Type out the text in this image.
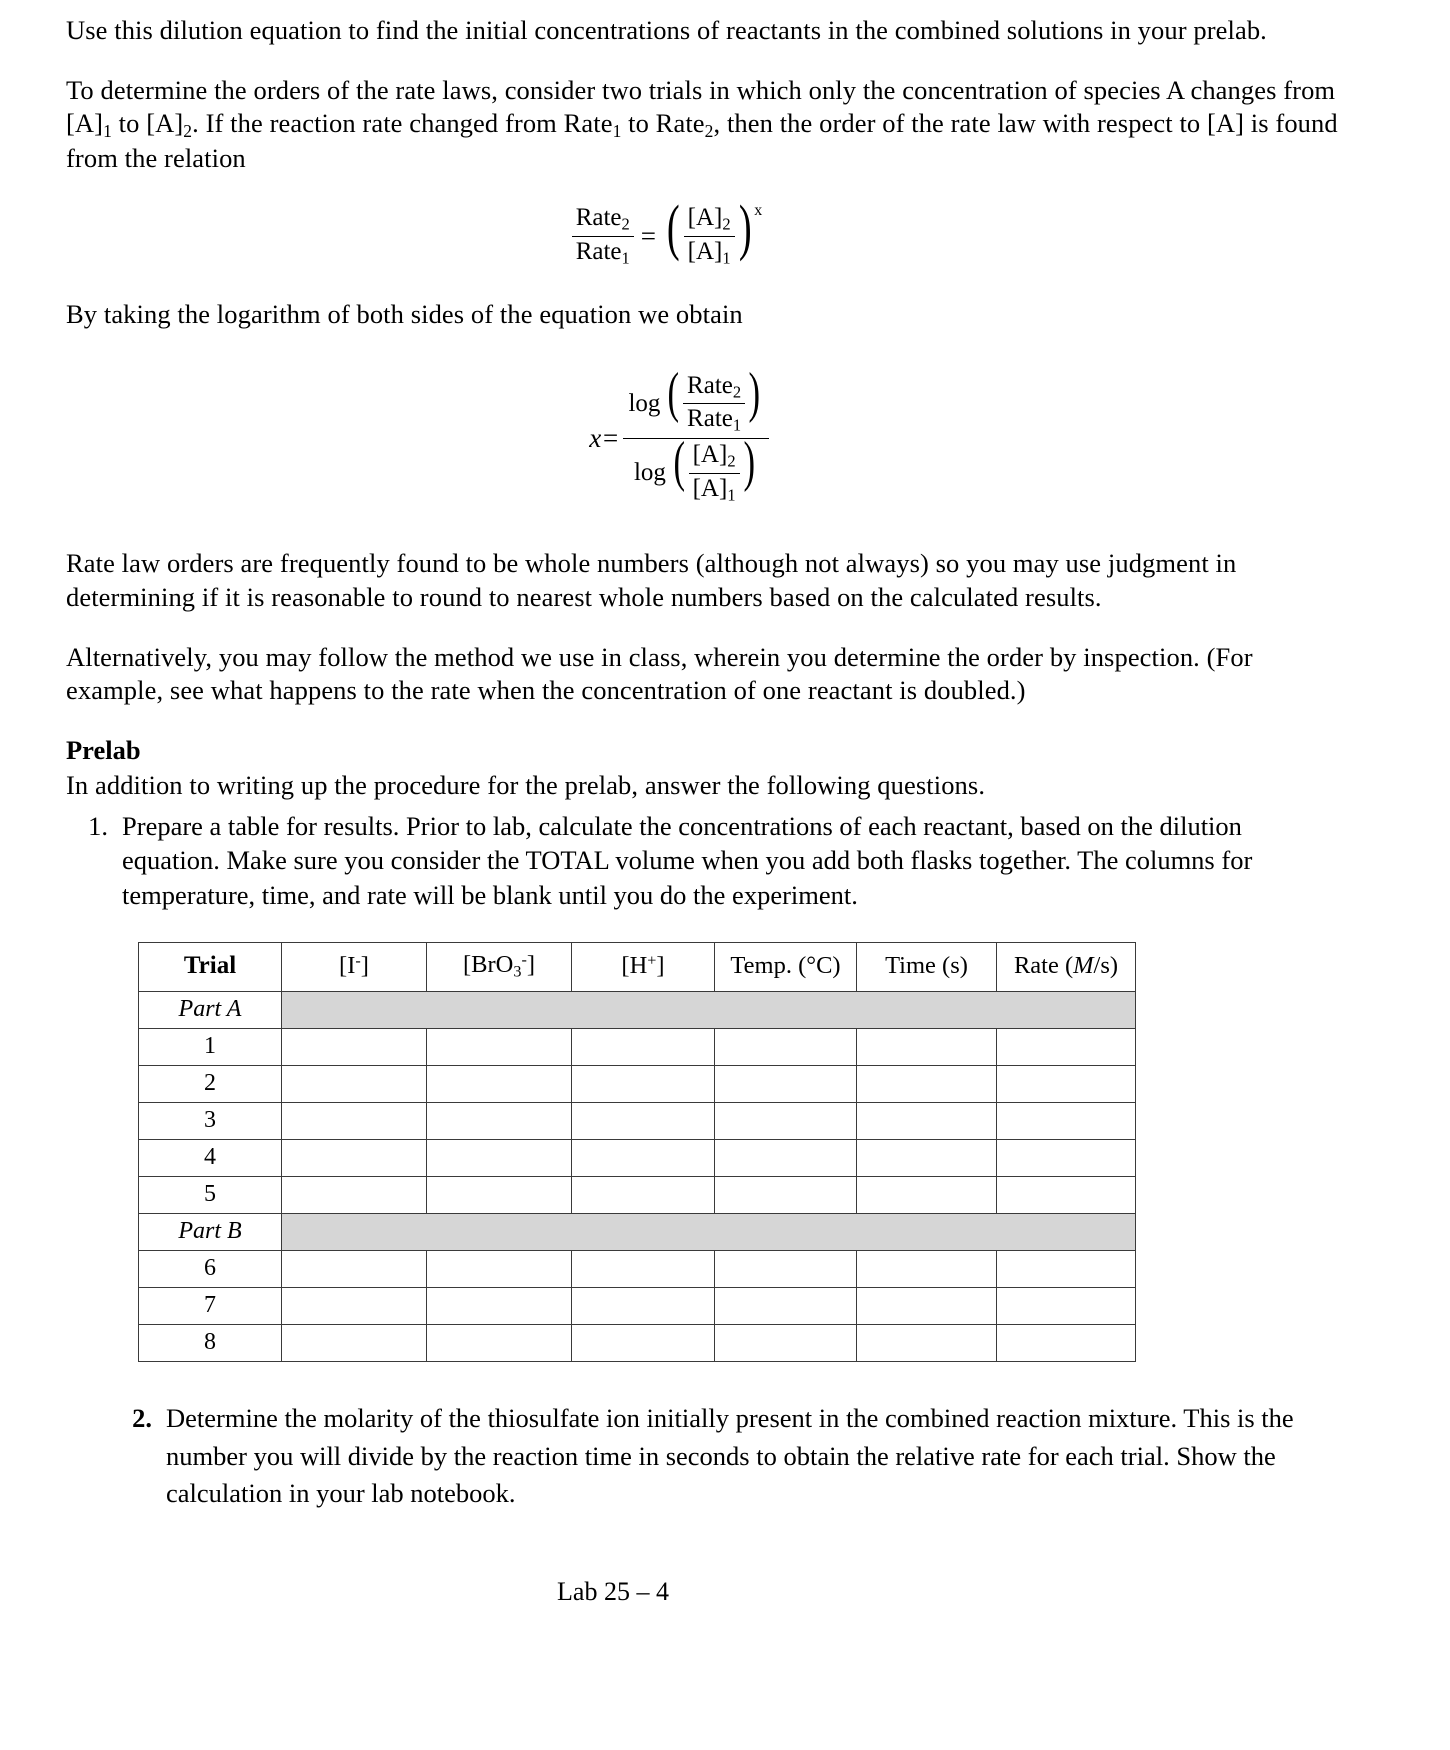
Use this dilution equation to find the initial concentrations of reactants in the combined solutions in your prelab.

To determine the orders of the rate laws, consider two trials in which only the concentration of species A changes from $[A]_1$ to $[A]_2$. If the reaction rate changed from Rate$_1$ to Rate$_2$, then the order of the rate law with respect to [A] is found from the relation

$\frac{Rate_2}{Rate_1}$ = ( $\frac{[A]_2}{[A]_1}$ ) x

By taking the logarithm of both sides of the equation we obtain

x=
log ( $\frac{Rate_2}{Rate_1}$ )
log ( $\frac{[A]_2}{[A]_1}$ )

Rate law orders are frequently found to be whole numbers (although not always) so you may use judgment in determining if it is reasonable to round to nearest whole numbers based on the calculated results.

Alternatively, you may follow the method we use in class, wherein you determine the order by inspection. (For example, see what happens to the rate when the concentration of one reactant is doubled.)

Prelab

In addition to writing up the procedure for the prelab, answer the following questions.

1. Prepare a table for results. Prior to lab, calculate the concentrations of each reactant, based on the dilution equation. Make sure you consider the TOTAL volume when you add both flasks together. The columns for temperature, time, and rate will be blank until you do the experiment.
Trial	[I-]	[BrO$_3$-]	[H+]	Temp. (°C)	Time (s)	Rate (M/s)
Part A						
1						
2						
3						
4						
5						
Part B						
6						
7						
8						
2. Determine the molarity of the thiosulfate ion initially present in the combined reaction mixture. This is the number you will divide by the reaction time in seconds to obtain the relative rate for each trial. Show the calculation in your lab notebook.
Lab 25 – 4
